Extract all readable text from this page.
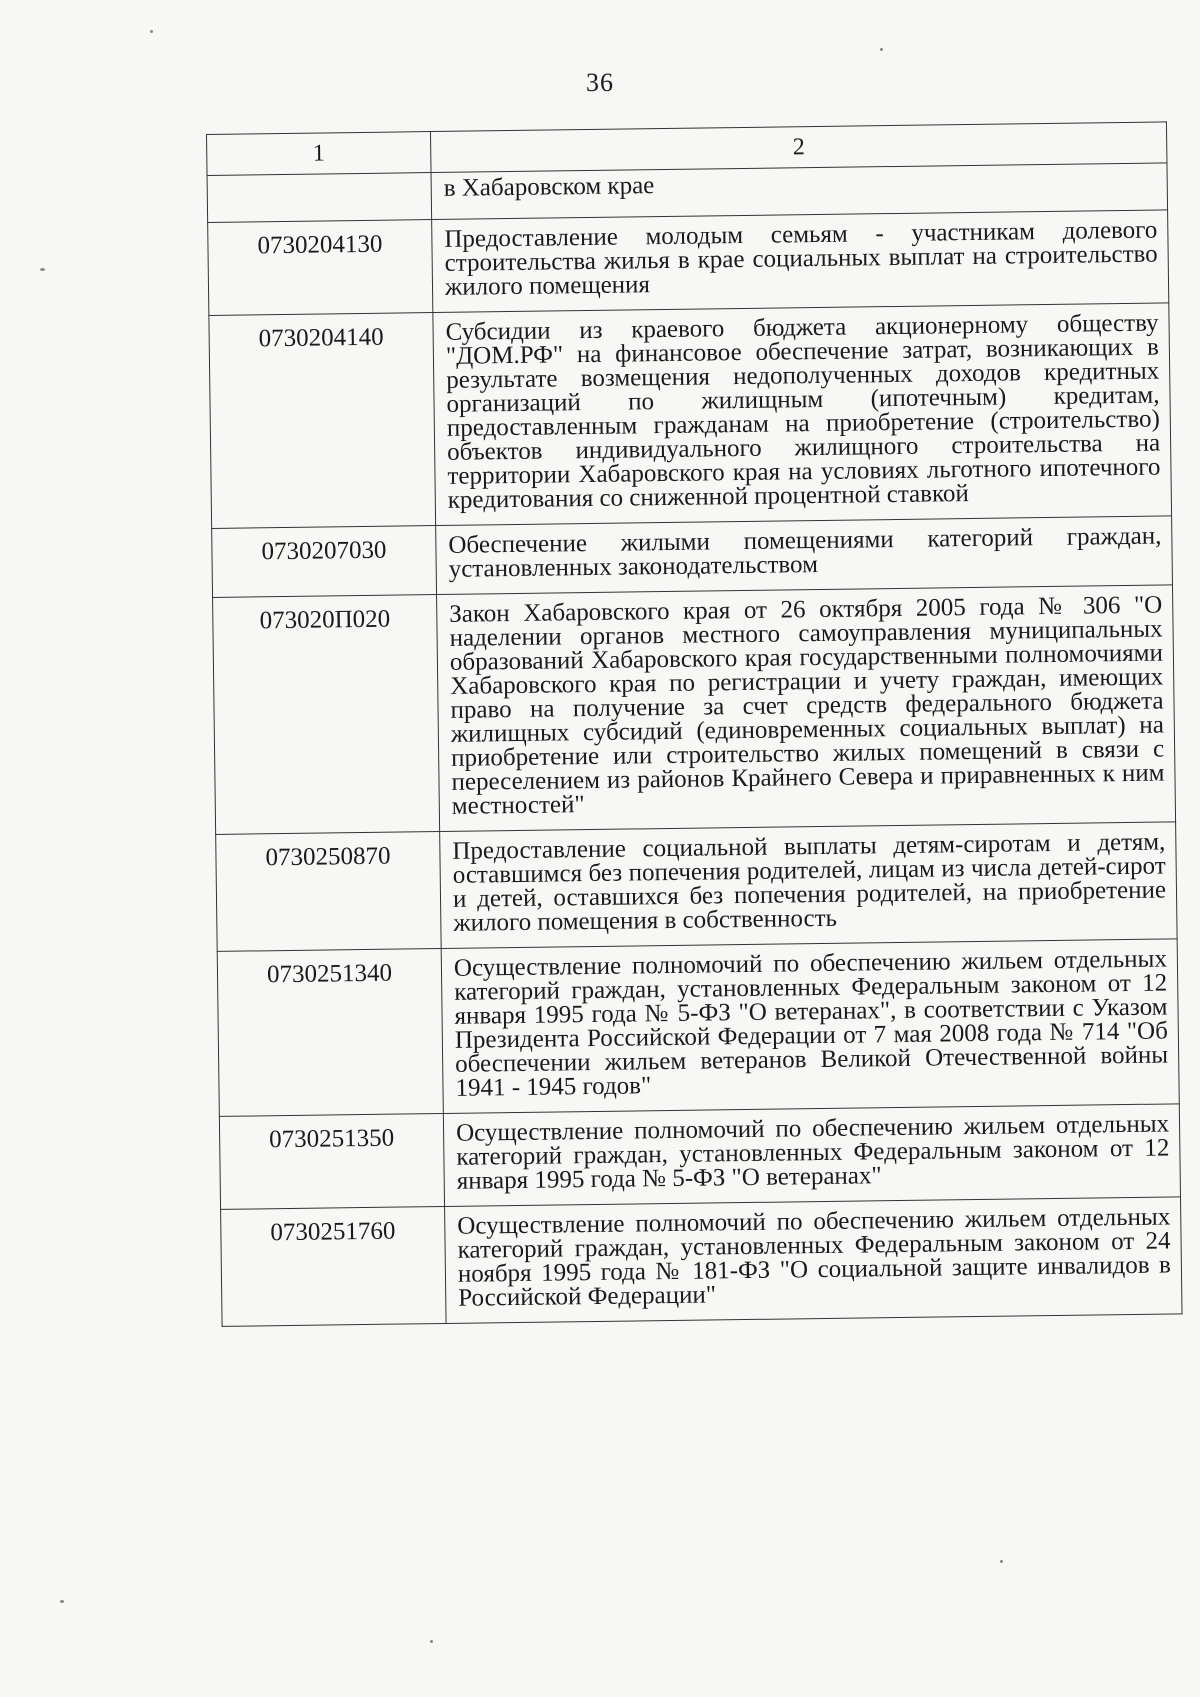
36
1	2
	в Хабаровском крае
0730204130	Предоставление молодым семьям - участникам долевого строительства жилья в крае социальных выплат на строительство жилого помещения
0730204140	Субсидии из краевого бюджета акционерному обществу "ДОМ.РФ" на финансовое обеспечение затрат, возникающих в результате возмещения недополученных доходов кредитных организаций по жилищным (ипотечным) кредитам, предоставленным гражданам на приобретение (строительство) объектов индивидуального жилищного строительства на территории Хабаровского края на условиях льготного ипотечного кредитования со сниженной процентной ставкой
0730207030	Обеспечение жилыми помещениями категорий граждан, установленных законодательством
073020П020	Закон Хабаровского края от 26 октября 2005 года № 306 "О наделении органов местного самоуправления муниципальных образований Хабаровского края государственными полномочиями Хабаровского края по регистрации и учету граждан, имеющих право на получение за счет средств федерального бюджета жилищных субсидий (единовременных социальных выплат) на приобретение или строительство жилых помещений в связи с переселением из районов Крайнего Севера и приравненных к ним местностей"
0730250870	Предоставление социальной выплаты детям-сиротам и детям, оставшимся без попечения родителей, лицам из числа детей-сирот и детей, оставшихся без попечения родителей, на приобретение жилого помещения в собственность
0730251340	Осуществление полномочий по обеспечению жильем отдельных категорий граждан, установленных Федеральным законом от 12 января 1995 года № 5-ФЗ "О ветеранах", в соответствии с Указом Президента Российской Федерации от 7 мая 2008 года № 714 "Об обеспечении жильем ветеранов Великой Отечественной войны 1941 - 1945 годов"
0730251350	Осуществление полномочий по обеспечению жильем отдельных категорий граждан, установленных Федеральным законом от 12 января 1995 года № 5-ФЗ "О ветеранах"
0730251760	Осуществление полномочий по обеспечению жильем отдельных категорий граждан, установленных Федеральным законом от 24 ноября 1995 года № 181-ФЗ "О социальной защите инвалидов в Российской Федерации"
